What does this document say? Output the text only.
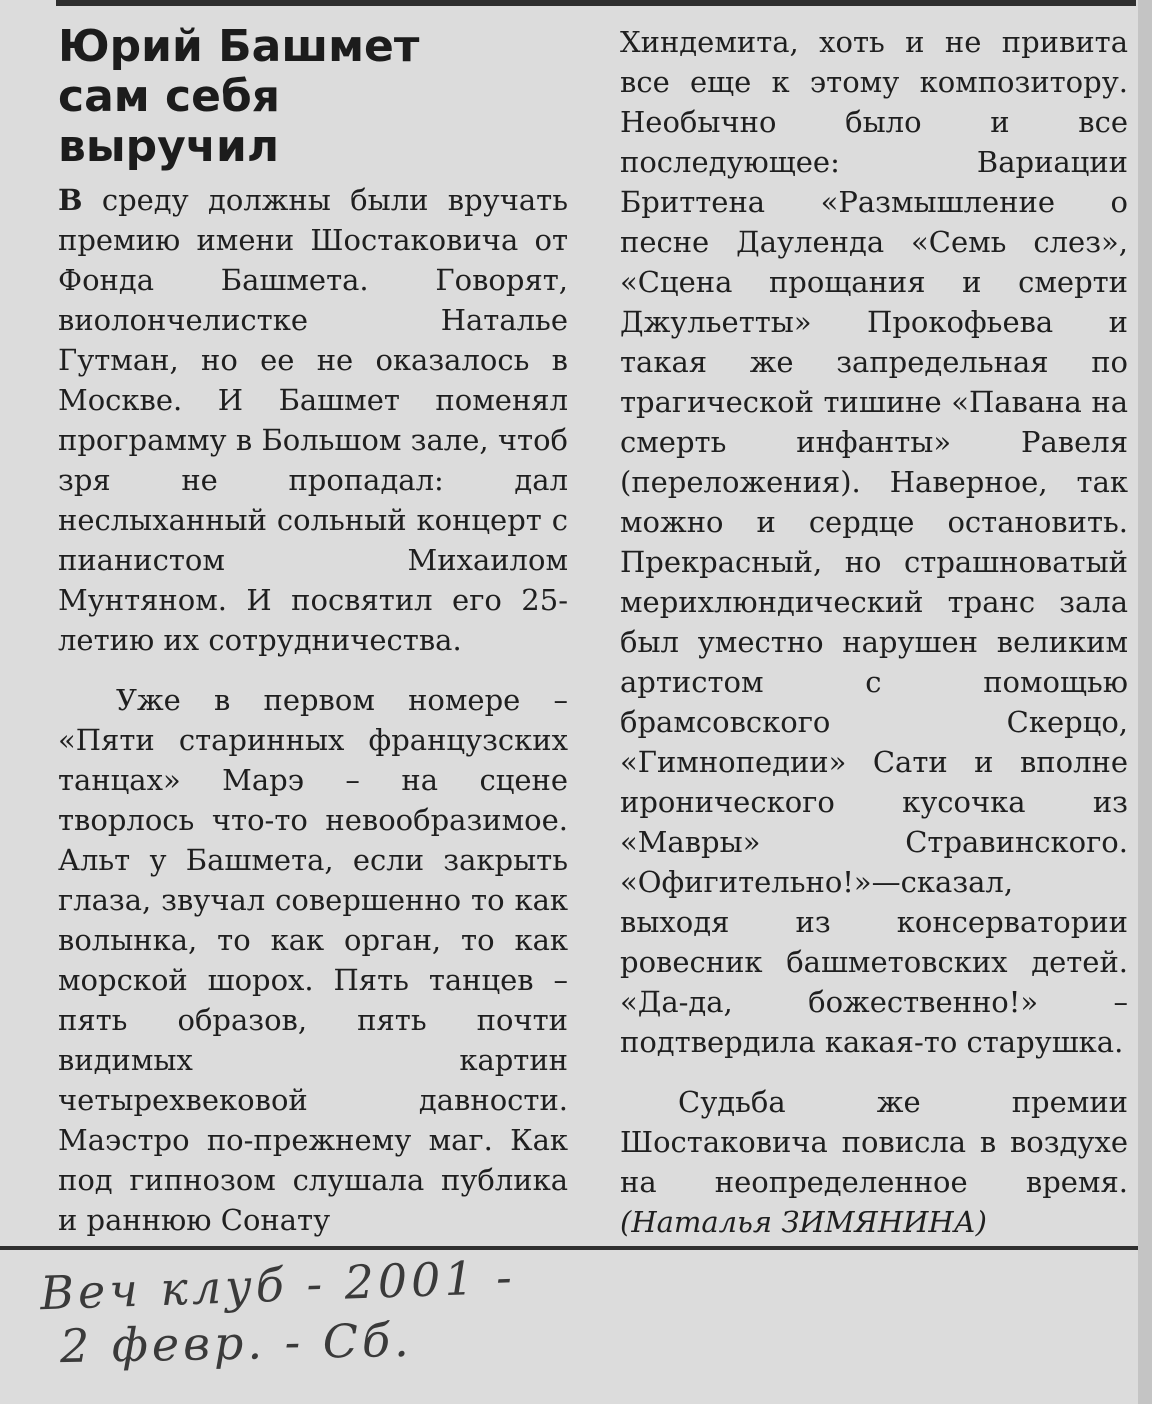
Юрий Башмет
сам себя
выручил

В среду должны были вручать премию имени Шостаковича от Фонда Башмета. Говорят, виолончелистке Наталье Гутман, но ее не оказалось в Москве. И Башмет поменял программу в Большом зале, чтоб зря не пропадал: дал неслыханный сольный концерт с пианистом Михаилом Мунтяном. И посвятил его 25-летию их сотрудничества.

Уже в первом номере – «Пяти старинных французских танцах» Марэ – на сцене творлось что-то невообразимое. Альт у Башмета, если закрыть глаза, звучал совершенно то как волынка, то как орган, то как морской шорох. Пять танцев – пять образов, пять почти видимых картин четырехвековой давности. Маэстро по-прежнему маг. Как под гипнозом слушала публика и раннюю Сонату

Хиндемита, хоть и не привита все еще к этому композитору. Необычно было и все последующее: Вариации Бриттена «Размышление о песне Дауленда «Семь слез», «Сцена прощания и смерти Джульетты» Прокофьева и такая же запредельная по трагической тишине «Павана на смерть инфанты» Равеля (переложения). Наверное, так можно и сердце остановить. Прекрасный, но страшноватый мерихлюндический транс зала был уместно нарушен великим артистом с помощью брамсовского Скерцо, «Гимнопедии» Сати и вполне иронического кусочка из «Мавры» Стравинского. «Офигительно!»—сказал, выходя из консерватории ровесник башметовских детей. «Да-да, божественно!» – подтвердила какая-то старушка.

Судьба же премии Шостаковича повисла в воздухе на неопределенное время. (Наталья ЗИМЯНИНА)

Веч клуб - 2001 -
2 февр. - Сб.
